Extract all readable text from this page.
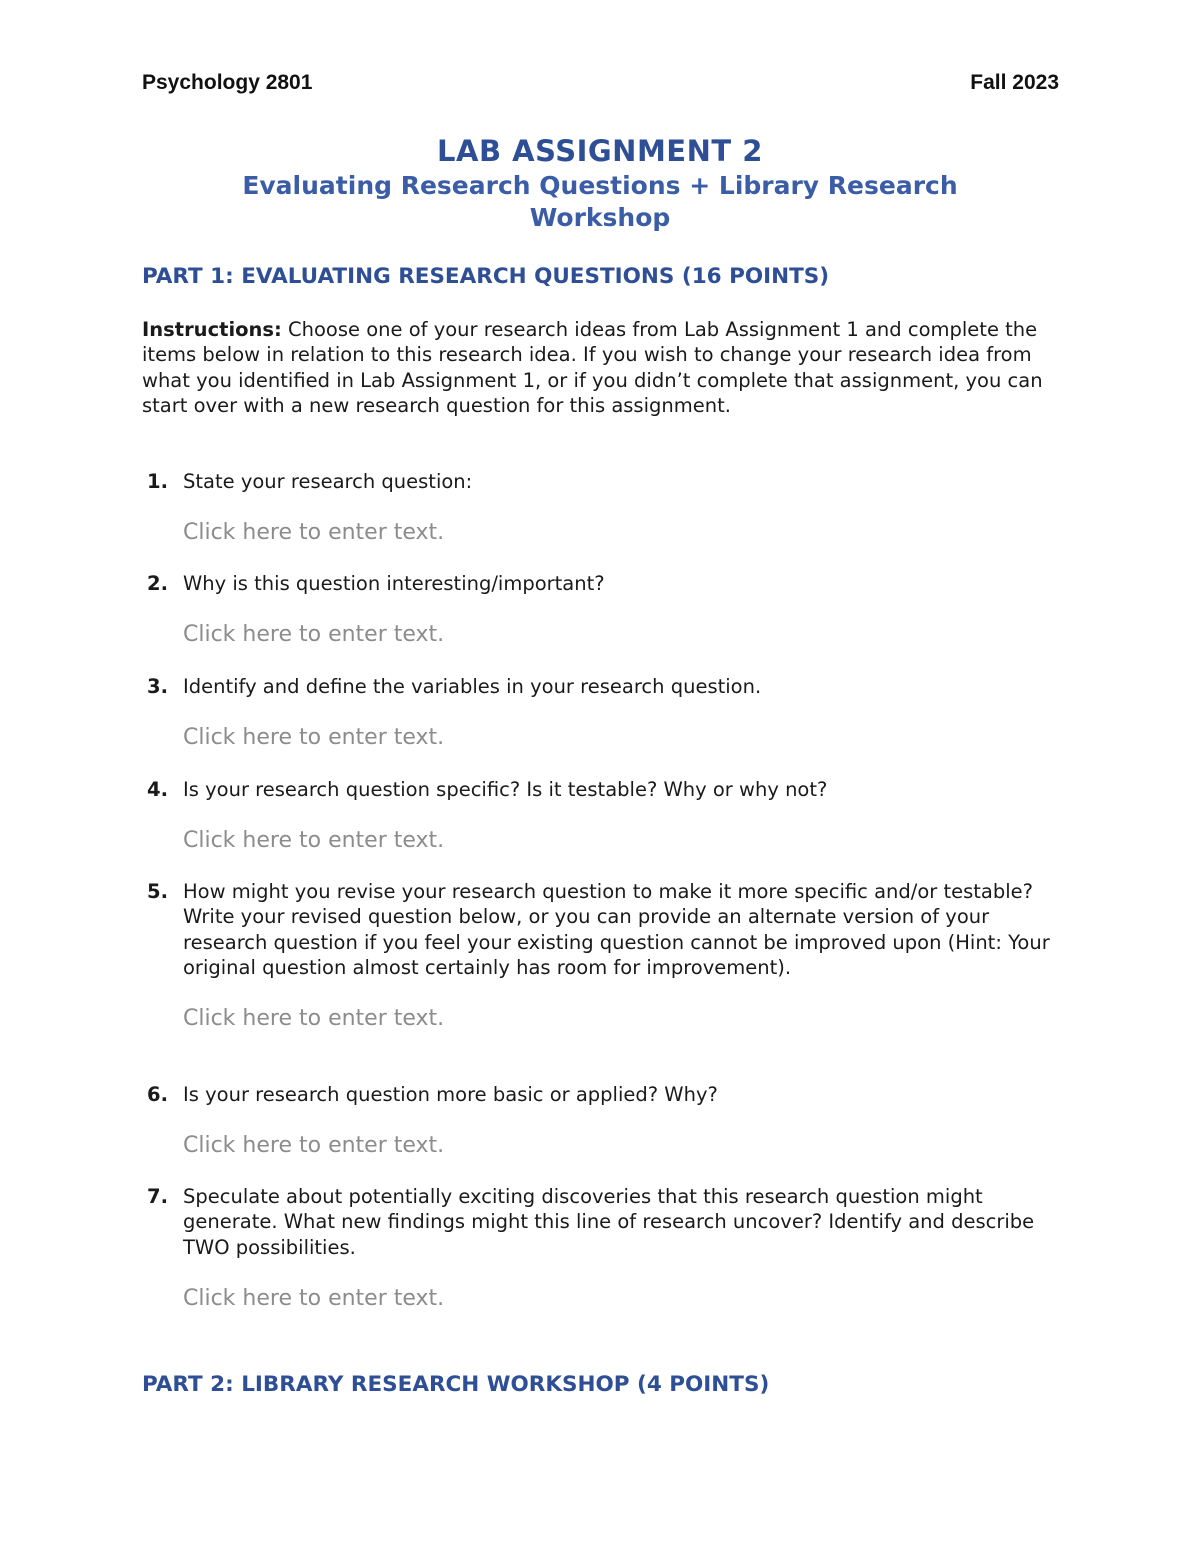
Psychology 2801	Fall 2023
LAB ASSIGNMENT 2
Evaluating Research Questions + Library Research Workshop
PART 1: EVALUATING RESEARCH QUESTIONS (16 POINTS)
Instructions: Choose one of your research ideas from Lab Assignment 1 and complete the items below in relation to this research idea. If you wish to change your research idea from what you identified in Lab Assignment 1, or if you didn’t complete that assignment, you can start over with a new research question for this assignment.
1. State your research question:
Click here to enter text.
2. Why is this question interesting/important?
Click here to enter text.
3. Identify and define the variables in your research question.
Click here to enter text.
4. Is your research question specific? Is it testable? Why or why not?
Click here to enter text.
5. How might you revise your research question to make it more specific and/or testable? Write your revised question below, or you can provide an alternate version of your research question if you feel your existing question cannot be improved upon (Hint: Your original question almost certainly has room for improvement).
Click here to enter text.
6. Is your research question more basic or applied? Why?
Click here to enter text.
7. Speculate about potentially exciting discoveries that this research question might generate. What new findings might this line of research uncover? Identify and describe TWO possibilities.
Click here to enter text.
PART 2: LIBRARY RESEARCH WORKSHOP (4 POINTS)
